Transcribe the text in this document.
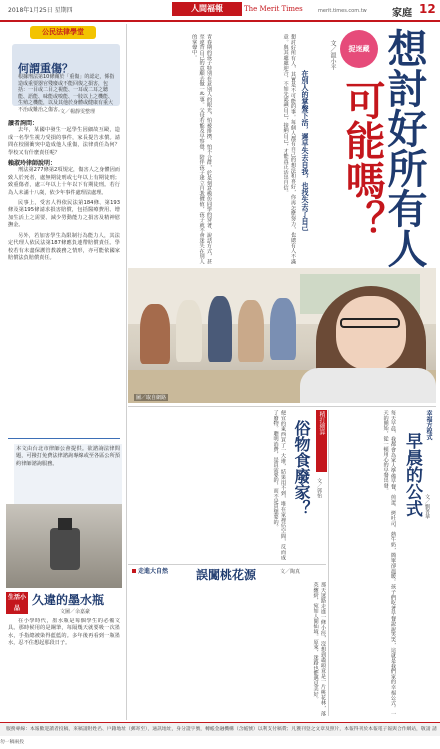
2018年1月25日 星期四	人間福報	The Merit Times	merit.times.com.tw	家庭 12
公民法律學堂
何謂重傷？
根據刑法第10條關於「重傷」的認定，係指造成重要器官殘廢或不能回復之損害，包括：一目或二目之視能、一耳或二耳之聽能、語能、味能或嗅能、一肢以上之機能、生殖之機能，以及其他於身體或健康有重大不治或難治之傷害。
文／楊靜雯整理
讀者詢問：

去年，某國中發生一起學生因細故互毆，造成一名學生視力受損的事件，家長提告求償。請問在校園衝突中造成他人重傷，法律責任為何？學校又有什麼責任呢？

賴淑玲律師說明：

刑法第277條第2項規定，傷害人之身體因而致人於死者，處無期徒刑或七年以上有期徒刑；致重傷者，處三年以上十年以下有期徒刑。若行為人未滿十八歲，依少年事件處理法處理。

民事上，受害人得依民法第184條、第193條及第195條請求損害賠償，包括醫療費用、增加生活上之需要、減少勞動能力之損害及精神慰撫金。

另外，若加害學生為限制行為能力人，其法定代理人依民法第187條應負連帶賠償責任。學校若有未盡保護管教義務之情形，亦可能依國家賠償法負賠償責任。

本文由台北市律師公會提供。欲諮詢法律問題，可撥打免費法律諮詢專線或至各區公所預約律師諮詢服務。
生活小品
久違的墨水瓶
文圖／余嘉豪

在小學時代，墨水瓶是每個學生的必備文具。那時候用的是鋼筆，每隔幾天就要吸一次墨水，手指總被染得藍藍的。多年後再看到一瓶墨水，忍不住想起那段日子。

想討好所有人
可能嗎？
捉迷藏
文／溫小平
在別人的掌聲下活，遲早失去自我，也找失去了自己
想討好所有人，其實是不可能的事。每個人都有自己的想法和喜好，你再怎麼努力，也總有人不滿意。與其處處迎合，不如先認識自己，接納自己，才能真正活出自信。
青春期的孩子特別在意別人的眼光，怕被排擠、怕不合群，於是刻意模仿同學的穿著、說話方式，甚至違背自己的意願去做一些事。父母若能及早察覺，陪伴孩子建立自我價值，孩子就不會迷失在別人的掌聲中。
圖／取自網路
幸福方程式
文／劉菁華
早晨的公式
每天早晨，我都會為家人準備早餐，煎蛋、烤吐司、熱牛奶，簡單卻溫暖。孩子們吃著早餐說說笑笑，這就是我們家的幸福公式。一天的開始，從一頓用心的早餐出發。
精打細算
文／郭怡
俗物食廢家？
便宜的東西買了一大堆，結果用不到，堆在家裡佔空間，反而成了廢物。聰明消費，是買需要的，而不是買想要的。
走進大自然 誤闖桃花源	文／陶真
那天迷路走進一條小徑，沒想到盡頭竟是一片桃花林，落英繽紛，宛如人間仙境。原來，迷路也能遇見美好。
服務專線：本報歡迎讀者投稿，來稿請附姓名、戶籍地址（郵寄至），通訊地址，身分證字號，轉帳金融機構（含帳號）以利支付稿費；凡獲刊登之文章及照片，本報得刊於本報電子報與合作網站，敬請 請勿一稿兩投
